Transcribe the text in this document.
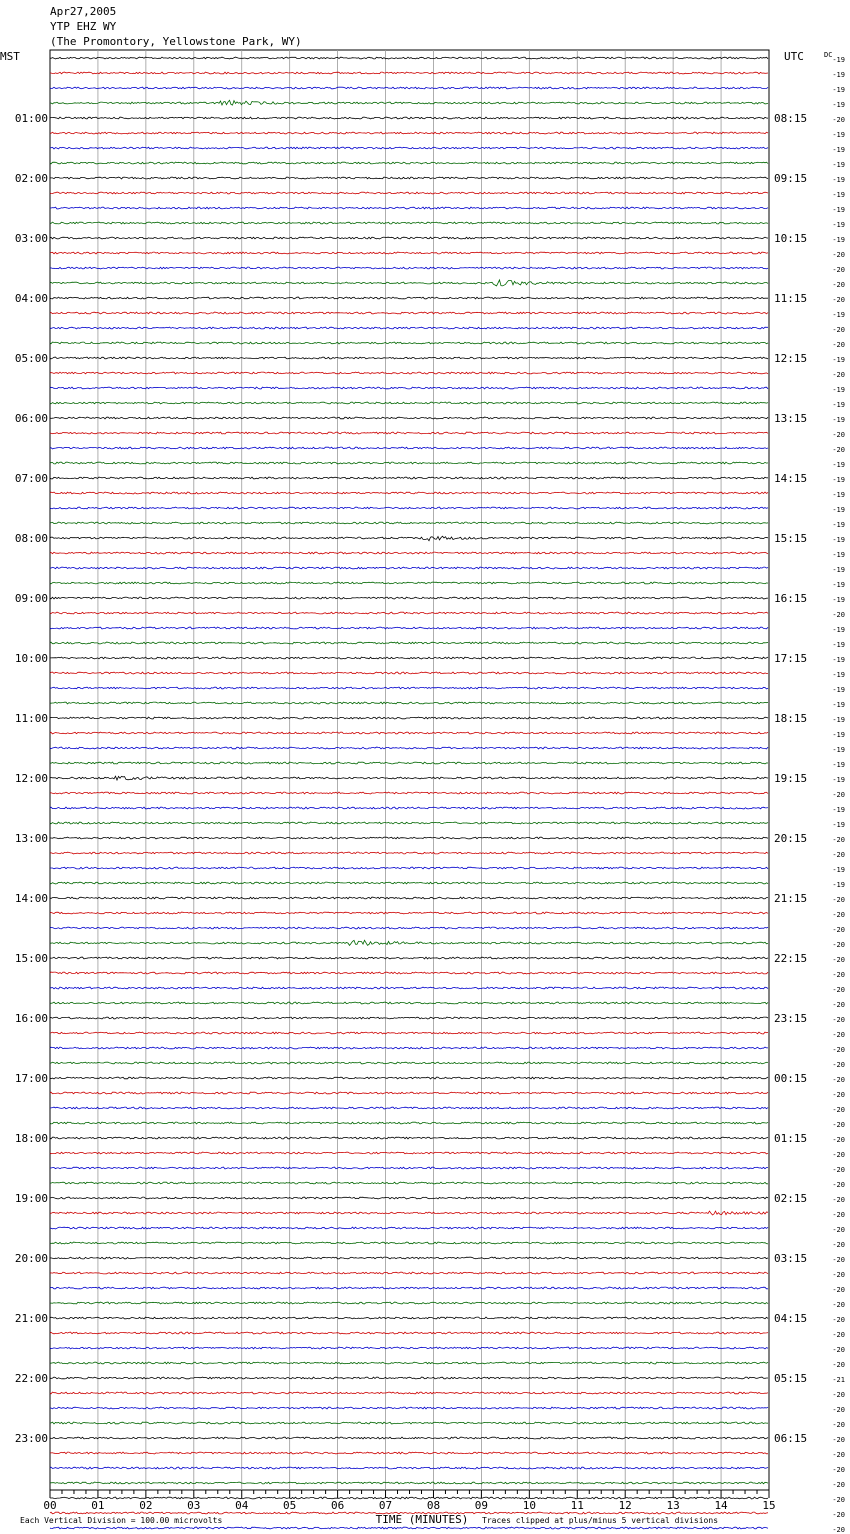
Apr27,2005
YTP EHZ WY
(The Promontory, Yellowstone Park, WY)
-19
-19
-19
-19
-20
-19
-19
-19
-19
-19
-19
-19
-19
-20
-20
-20
-20
-19
-20
-20
-19
-20
-19
-19
-19
-20
-20
-19
-19
-19
-19
-19
-19
-19
-19
-19
-19
-20
-19
-19
-19
-19
-19
-19
-19
-19
-19
-19
-19
-20
-19
-19
-20
-20
-19
-19
-20
-20
-20
-20
-20
-20
-20
-20
-20
-20
-20
-20
-20
-20
-20
-20
-20
-20
-20
-20
-20
-20
-20
-20
-20
-20
-20
-20
-20
-20
-20
-20
-21
-20
-20
-20
-20
-20
-20
-20
-20
-20
-20
MST	UTC	DC
01:00
02:00
03:00
04:00
05:00
06:00
07:00
08:00
09:00
10:00
11:00
12:00
13:00
14:00
15:00
16:00
17:00
18:00
19:00
20:00
21:00
22:00
23:00
08:15
09:15
10:15
11:15
12:15
13:15
14:15
15:15
16:15
17:15
18:15
19:15
20:15
21:15
22:15
23:15
00:15
01:15
02:15
03:15
04:15
05:15
06:15
00	01	02	03	04	05	06	07	08	09	10	11	12	13	14	15
TIME (MINUTES)
Each Vertical Division = 100.00 microvolts	Traces clipped at plus/minus 5 vertical divisions
